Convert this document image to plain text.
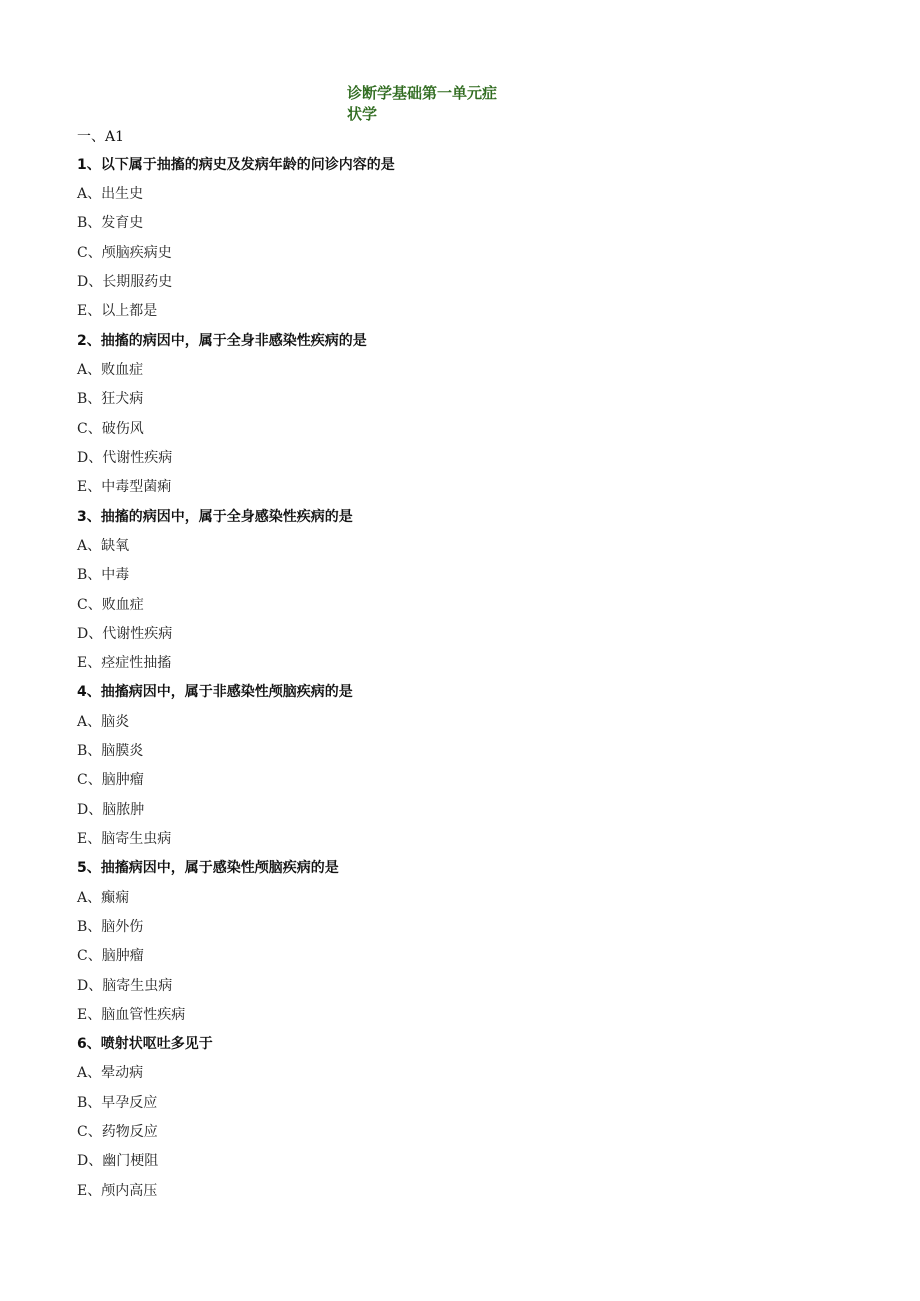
诊断学基础第一单元症
状学
一、A1
1、以下属于抽搐的病史及发病年龄的问诊内容的是
A、出生史
B、发育史
C、颅脑疾病史
D、长期服药史
E、以上都是
2、抽搐的病因中，属于全身非感染性疾病的是
A、败血症
B、狂犬病
C、破伤风
D、代谢性疾病
E、中毒型菌痢
3、抽搐的病因中，属于全身感染性疾病的是
A、缺氧
B、中毒
C、败血症
D、代谢性疾病
E、痉症性抽搐
4、抽搐病因中，属于非感染性颅脑疾病的是
A、脑炎
B、脑膜炎
C、脑肿瘤
D、脑脓肿
E、脑寄生虫病
5、抽搐病因中，属于感染性颅脑疾病的是
A、癫痫
B、脑外伤
C、脑肿瘤
D、脑寄生虫病
E、脑血管性疾病
6、喷射状呕吐多见于
A、晕动病
B、早孕反应
C、药物反应
D、幽门梗阻
E、颅内高压
